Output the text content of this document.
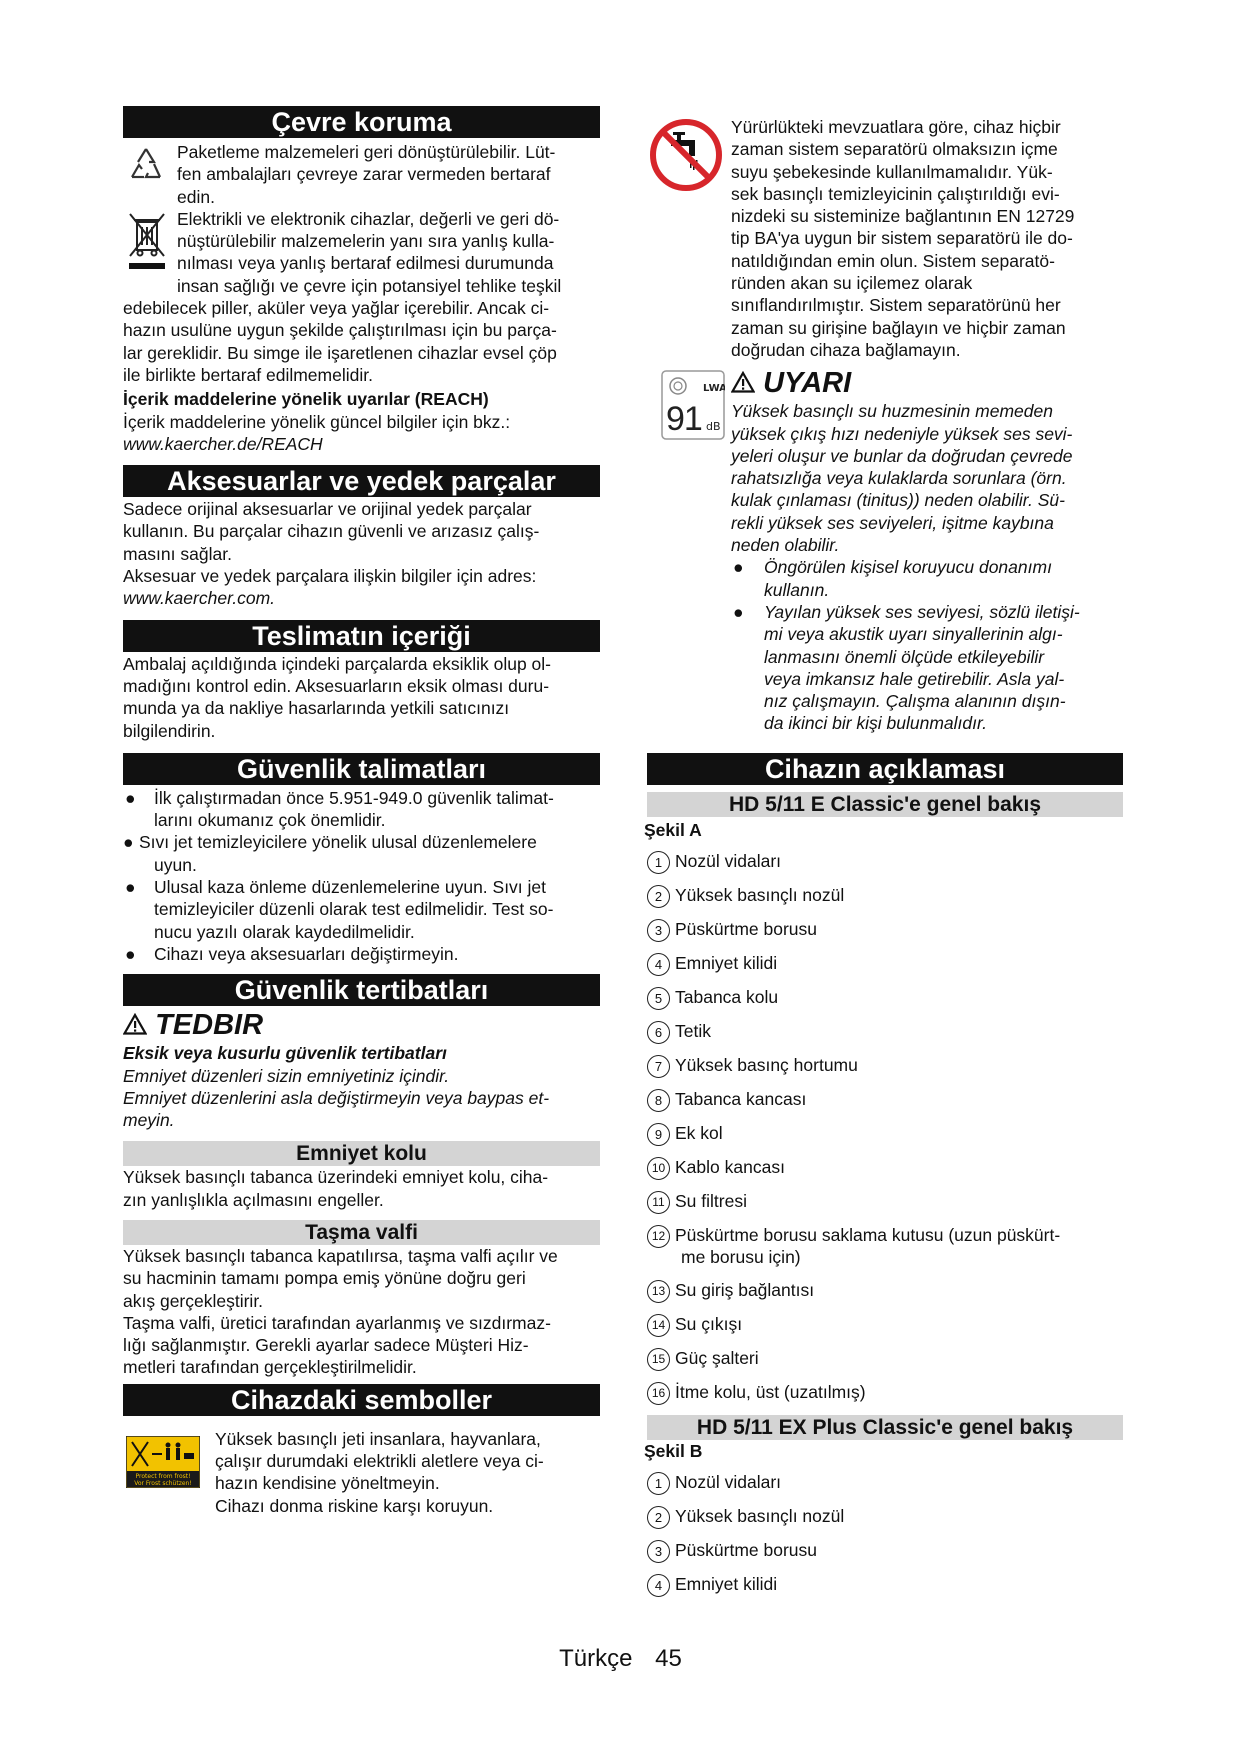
Çevre koruma

Paketleme malzemeleri geri dönüştürülebilir. Lüt-
fen ambalajları çevreye zarar vermeden bertaraf
edin.

Elektrikli ve elektronik cihazlar, değerli ve geri dö-
nüştürülebilir malzemelerin yanı sıra yanlış kulla-
nılması veya yanlış bertaraf edilmesi durumunda
insan sağlığı ve çevre için potansiyel tehlike teşkil

edebilecek piller, aküler veya yağlar içerebilir. Ancak ci-
hazın usulüne uygun şekilde çalıştırılması için bu parça-
lar gereklidir. Bu simge ile işaretlenen cihazlar evsel çöp
ile birlikte bertaraf edilmemelidir.

İçerik maddelerine yönelik uyarılar (REACH)

İçerik maddelerine yönelik güncel bilgiler için bkz.:

www.kaercher.de/REACH

Aksesuarlar ve yedek parçalar

Sadece orijinal aksesuarlar ve orijinal yedek parçalar
kullanın. Bu parçalar cihazın güvenli ve arızasız çalış-
masını sağlar.
Aksesuar ve yedek parçalara ilişkin bilgiler için adres:

www.kaercher.com.

Teslimatın içeriği

Ambalaj açıldığında içindeki parçalarda eksiklik olup ol-
madığını kontrol edin. Aksesuarların eksik olması duru-
munda ya da nakliye hasarlarında yetkili satıcınızı
bilgilendirin.

Güvenlik talimatları
● İlk çalıştırmadan önce 5.951-949.0 güvenlik talimat-
larını okumanız çok önemlidir.
● Sıvı jet temizleyicilere yönelik ulusal düzenlemelere
uyun.
● Ulusal kaza önleme düzenlemelerine uyun. Sıvı jet
temizleyiciler düzenli olarak test edilmelidir. Test so-
nucu yazılı olarak kaydedilmelidir.
● Cihazı veya aksesuarları değiştirmeyin.
Güvenlik tertibatları
TEDBIR

Eksik veya kusurlu güvenlik tertibatları

Emniyet düzenleri sizin emniyetiniz içindir.
Emniyet düzenlerini asla değiştirmeyin veya baypas et-
meyin.

Emniyet kolu

Yüksek basınçlı tabanca üzerindeki emniyet kolu, ciha-
zın yanlışlıkla açılmasını engeller.

Taşma valfi

Yüksek basınçlı tabanca kapatılırsa, taşma valfi açılır ve
su hacminin tamamı pompa emiş yönüne doğru geri
akış gerçekleştirir.
Taşma valfi, üretici tarafından ayarlanmış ve sızdırmaz-
lığı sağlanmıştır. Gerekli ayarlar sadece Müşteri Hiz-
metleri tarafından gerçekleştirilmelidir.

Cihazdaki semboller
Protect from frost!
Vor Frost schützen!

Yüksek basınçlı jeti insanlara, hayvanlara,
çalışır durumdaki elektrikli aletlere veya ci-
hazın kendisine yöneltmeyin.
Cihazı donma riskine karşı koruyun.

Yürürlükteki mevzuatlara göre, cihaz hiçbir
zaman sistem separatörü olmaksızın içme
suyu şebekesinde kullanılmamalıdır. Yük-
sek basınçlı temizleyicinin çalıştırıldığı evi-
nizdeki su sisteminize bağlantının EN 12729
tip BA'ya uygun bir sistem separatörü ile do-
natıldığından emin olun. Sistem separatö-
ründen akan su içilemez olarak
sınıflandırılmıştır. Sistem separatörünü her
zaman su girişine bağlayın ve hiçbir zaman
doğrudan cihaza bağlamayın.

LWA
91 dB
UYARI

Yüksek basınçlı su huzmesinin memeden
yüksek çıkış hızı nedeniyle yüksek ses sevi-
yeleri oluşur ve bunlar da doğrudan çevrede
rahatsızlığa veya kulaklarda sorunlara (örn.
kulak çınlaması (tinitus)) neden olabilir. Sü-
rekli yüksek ses seviyeleri, işitme kaybına
neden olabilir.

● Öngörülen kişisel koruyucu donanımı
kullanın.
● Yayılan yüksek ses seviyesi, sözlü iletişi-
mi veya akustik uyarı sinyallerinin algı-
lanmasını önemli ölçüde etkileyebilir
veya imkansız hale getirebilir. Asla yal-
nız çalışmayın. Çalışma alanının dışın-
da ikinci bir kişi bulunmalıdır.
Cihazın açıklaması
HD 5/11 E Classic'e genel bakış

Şekil A

1 Nozül vidaları
2 Yüksek basınçlı nozül
3 Püskürtme borusu
4 Emniyet kilidi
5 Tabanca kolu
6 Tetik
7 Yüksek basınç hortumu
8 Tabanca kancası
9 Ek kol
10 Kablo kancası
11 Su filtresi
12 Püskürtme borusu saklama kutusu (uzun püskürt-
me borusu için)
13 Su giriş bağlantısı
14 Su çıkışı
15 Güç şalteri
16 İtme kolu, üst (uzatılmış)
HD 5/11 EX Plus Classic'e genel bakış

Şekil B

1 Nozül vidaları
2 Yüksek basınçlı nozül
3 Püskürtme borusu
4 Emniyet kilidi
Türkçe 45
